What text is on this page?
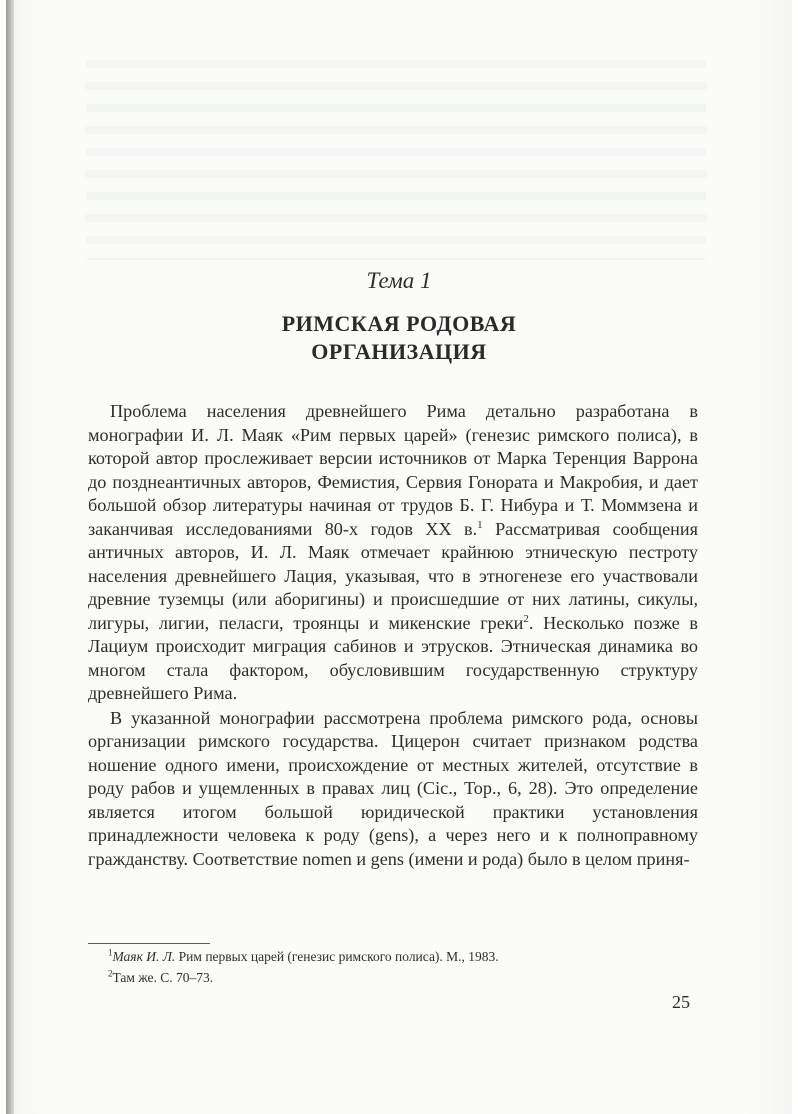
Тема 1
РИМСКАЯ РОДОВАЯ
ОРГАНИЗАЦИЯ

Проблема населения древнейшего Рима детально разработана в монографии И. Л. Маяк «Рим первых царей» (генезис римского полиса), в которой автор прослеживает версии источников от Марка Теренция Варрона до позднеантичных авторов, Фемистия, Сервия Гонората и Макробия, и дает большой обзор литературы начиная от трудов Б. Г. Нибура и Т. Моммзена и заканчивая исследованиями 80-х годов XX в.$^1$ Рассматривая сообщения античных авторов, И. Л. Маяк отмечает крайнюю этническую пестроту населения древнейшего Лация, указывая, что в этногенезе его участвовали древние туземцы (или аборигины) и происшедшие от них латины, сикулы, лигуры, лигии, пеласги, троянцы и микенские греки$^2$. Несколько позже в Лациум происходит миграция сабинов и этрусков. Этническая динамика во многом стала фактором, обусловившим государственную структуру древнейшего Рима.

В указанной монографии рассмотрена проблема римского рода, основы организации римского государства. Цицерон считает признаком родства ношение одного имени, происхождение от местных жителей, отсутствие в роду рабов и ущемленных в правах лиц (Cic., Top., 6, 28). Это определение является итогом большой юридической практики установления принадлежности человека к роду (gens), а через него и к полноправному гражданству. Соответствие nomen и gens (имени и рода) было в целом приня-

$^1$Маяк И. Л. Рим первых царей (генезис римского полиса). М., 1983.
$^2$Там же. С. 70–73.
25
